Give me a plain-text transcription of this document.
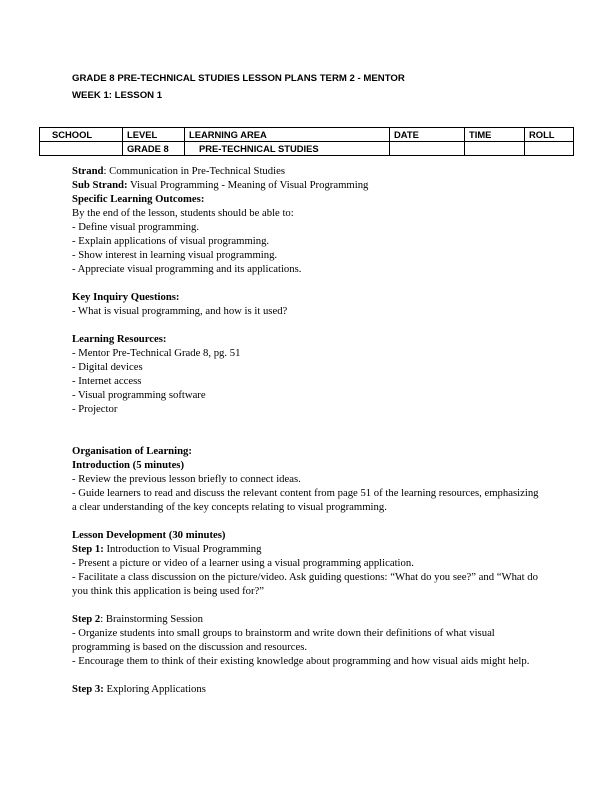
GRADE 8 PRE-TECHNICAL STUDIES LESSON PLANS TERM 2 - MENTOR
WEEK 1: LESSON 1
SCHOOL	LEVEL	LEARNING AREA	DATE	TIME	ROLL
	GRADE 8	PRE-TECHNICAL STUDIES			

Strand: Communication in Pre-Technical Studies

Sub Strand: Visual Programming - Meaning of Visual Programming

Specific Learning Outcomes:

By the end of the lesson, students should be able to:

- Define visual programming.

- Explain applications of visual programming.

- Show interest in learning visual programming.

- Appreciate visual programming and its applications.

Key Inquiry Questions:

- What is visual programming, and how is it used?

Learning Resources:

- Mentor Pre-Technical Grade 8, pg. 51

- Digital devices

- Internet access

- Visual programming software

- Projector

Organisation of Learning:

Introduction (5 minutes)

- Review the previous lesson briefly to connect ideas.

- Guide learners to read and discuss the relevant content from page 51 of the learning resources, emphasizing a clear understanding of the key concepts relating to visual programming.

Lesson Development (30 minutes)

Step 1: Introduction to Visual Programming

- Present a picture or video of a learner using a visual programming application.

- Facilitate a class discussion on the picture/video. Ask guiding questions: “What do you see?” and “What do you think this application is being used for?”

Step 2: Brainstorming Session

- Organize students into small groups to brainstorm and write down their definitions of what visual programming is based on the discussion and resources.

- Encourage them to think of their existing knowledge about programming and how visual aids might help.

Step 3: Exploring Applications
